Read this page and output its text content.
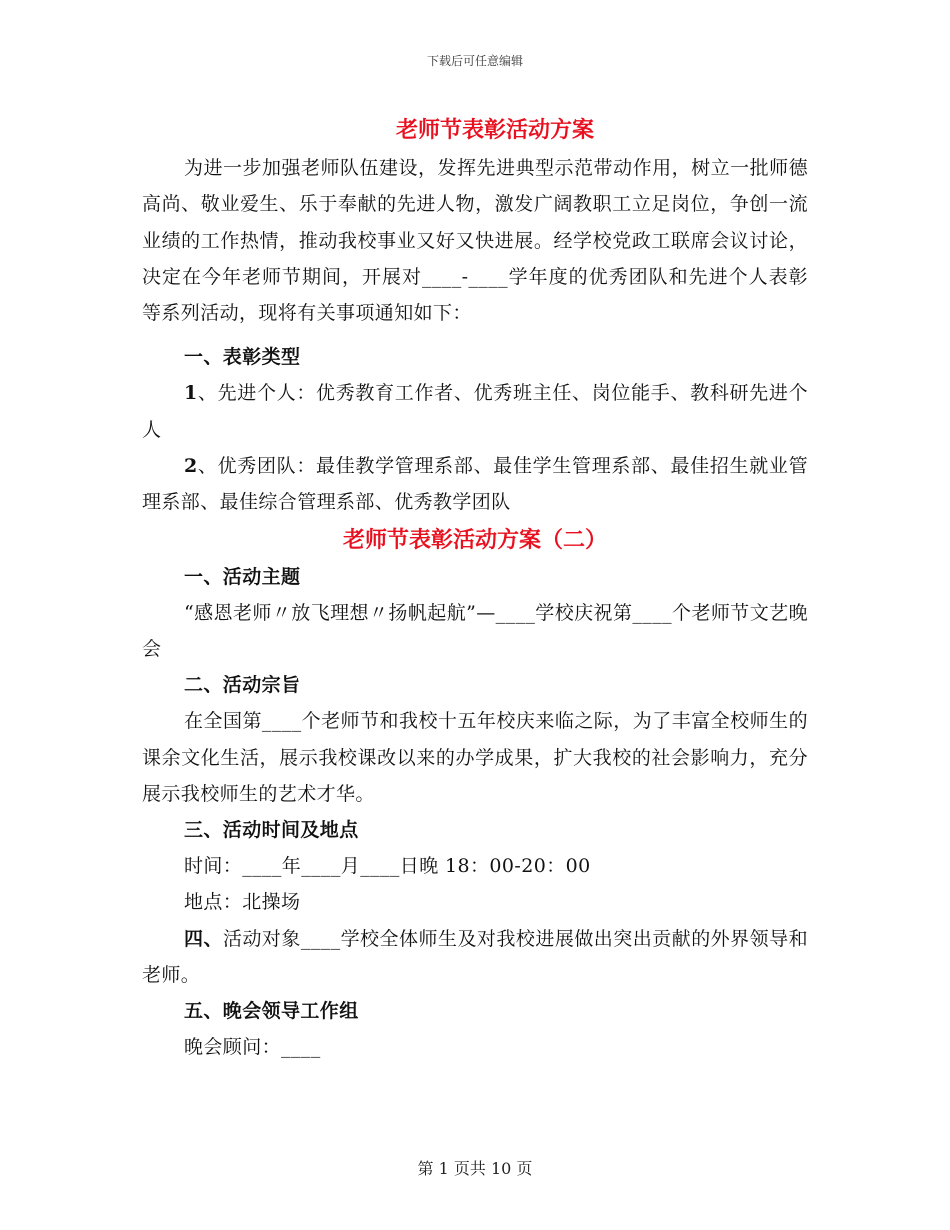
下载后可任意编辑
老师节表彰活动方案

为进一步加强老师队伍建设，发挥先进典型示范带动作用，树立一批师德高尚、敬业爱生、乐于奉献的先进人物，激发广阔教职工立足岗位，争创一流业绩的工作热情，推动我校事业又好又快进展。经学校党政工联席会议讨论，决定在今年老师节期间，开展对____-____学年度的优秀团队和先进个人表彰等系列活动，现将有关事项通知如下：

一、表彰类型

1、先进个人：优秀教育工作者、优秀班主任、岗位能手、教科研先进个人

2、优秀团队：最佳教学管理系部、最佳学生管理系部、最佳招生就业管理系部、最佳综合管理系部、优秀教学团队

老师节表彰活动方案（二）

一、活动主题

“感恩老师〃放飞理想〃扬帆起航”—____学校庆祝第____个老师节文艺晚会

二、活动宗旨

在全国第____个老师节和我校十五年校庆来临之际，为了丰富全校师生的课余文化生活，展示我校课改以来的办学成果，扩大我校的社会影响力，充分展示我校师生的艺术才华。

三、活动时间及地点

时间：____年____月____日晚 18：00-20：00

地点：北操场

四、活动对象____学校全体师生及对我校进展做出突出贡献的外界领导和老师。

五、晚会领导工作组

晚会顾问：____

第 1 页共 10 页
